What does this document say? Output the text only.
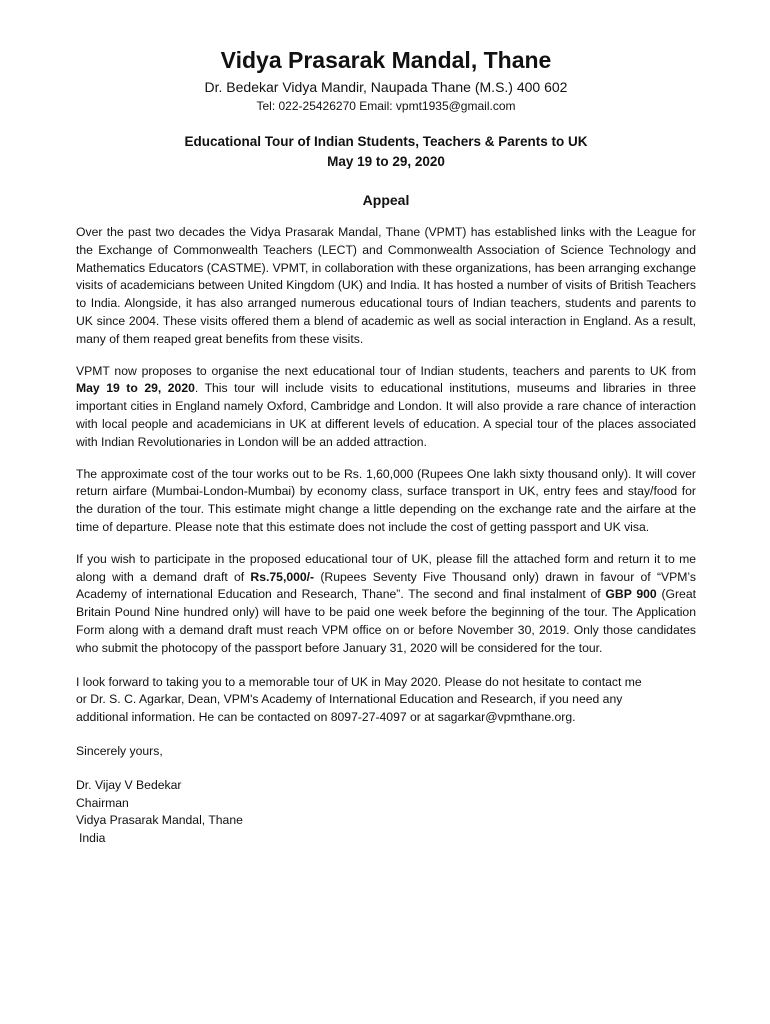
Vidya Prasarak Mandal, Thane

Dr. Bedekar Vidya Mandir, Naupada Thane (M.S.) 400 602

Tel: 022-25426270 Email: vpmt1935@gmail.com

Educational Tour of Indian Students, Teachers & Parents to UK

May 19 to 29, 2020

Appeal

Over the past two decades the Vidya Prasarak Mandal, Thane (VPMT) has established links with the League for the Exchange of Commonwealth Teachers (LECT) and Commonwealth Association of Science Technology and Mathematics Educators (CASTME). VPMT, in collaboration with these organizations, has been arranging exchange visits of academicians between United Kingdom (UK) and India. It has hosted a number of visits of British Teachers to India. Alongside, it has also arranged numerous educational tours of Indian teachers, students and parents to UK since 2004. These visits offered them a blend of academic as well as social interaction in England. As a result, many of them reaped great benefits from these visits.

VPMT now proposes to organise the next educational tour of Indian students, teachers and parents to UK from May 19 to 29, 2020. This tour will include visits to educational institutions, museums and libraries in three important cities in England namely Oxford, Cambridge and London. It will also provide a rare chance of interaction with local people and academicians in UK at different levels of education. A special tour of the places associated with Indian Revolutionaries in London will be an added attraction.

The approximate cost of the tour works out to be Rs. 1,60,000 (Rupees One lakh sixty thousand only). It will cover return airfare (Mumbai-London-Mumbai) by economy class, surface transport in UK, entry fees and stay/food for the duration of the tour. This estimate might change a little depending on the exchange rate and the airfare at the time of departure. Please note that this estimate does not include the cost of getting passport and UK visa.

If you wish to participate in the proposed educational tour of UK, please fill the attached form and return it to me along with a demand draft of Rs.75,000/- (Rupees Seventy Five Thousand only) drawn in favour of “VPM’s Academy of international Education and Research, Thane”. The second and final instalment of GBP 900 (Great Britain Pound Nine hundred only) will have to be paid one week before the beginning of the tour. The Application Form along with a demand draft must reach VPM office on or before November 30, 2019. Only those candidates who submit the photocopy of the passport before January 31, 2020 will be considered for the tour.

I look forward to taking you to a memorable tour of UK in May 2020. Please do not hesitate to contact me

or Dr. S. C. Agarkar, Dean, VPM's Academy of International Education and Research, if you need any

additional information. He can be contacted on 8097-27-4097 or at sagarkar@vpmthane.org.

Sincerely yours,

Dr. Vijay V Bedekar

Chairman

Vidya Prasarak Mandal, Thane

India
